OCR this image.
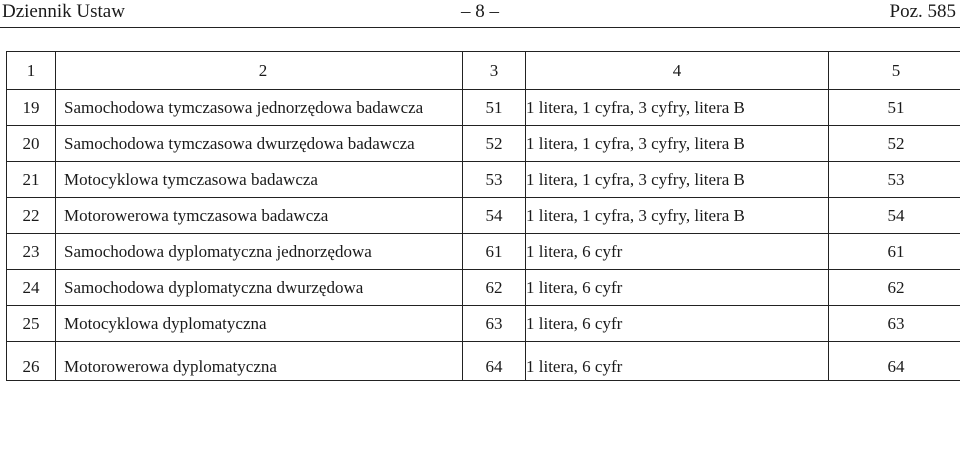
Dziennik Ustaw	– 8 –	Poz. 585
1	2	3	4	5
19	Samochodowa tymczasowa jednorzędowa badawcza	51	1 litera, 1 cyfra, 3 cyfry, litera B	51
20	Samochodowa tymczasowa dwurzędowa badawcza	52	1 litera, 1 cyfra, 3 cyfry, litera B	52
21	Motocyklowa tymczasowa badawcza	53	1 litera, 1 cyfra, 3 cyfry, litera B	53
22	Motorowerowa tymczasowa badawcza	54	1 litera, 1 cyfra, 3 cyfry, litera B	54
23	Samochodowa dyplomatyczna jednorzędowa	61	1 litera, 6 cyfr	61
24	Samochodowa dyplomatyczna dwurzędowa	62	1 litera, 6 cyfr	62
25	Motocyklowa dyplomatyczna	63	1 litera, 6 cyfr	63
26	Motorowerowa dyplomatyczna	64	1 litera, 6 cyfr	64
